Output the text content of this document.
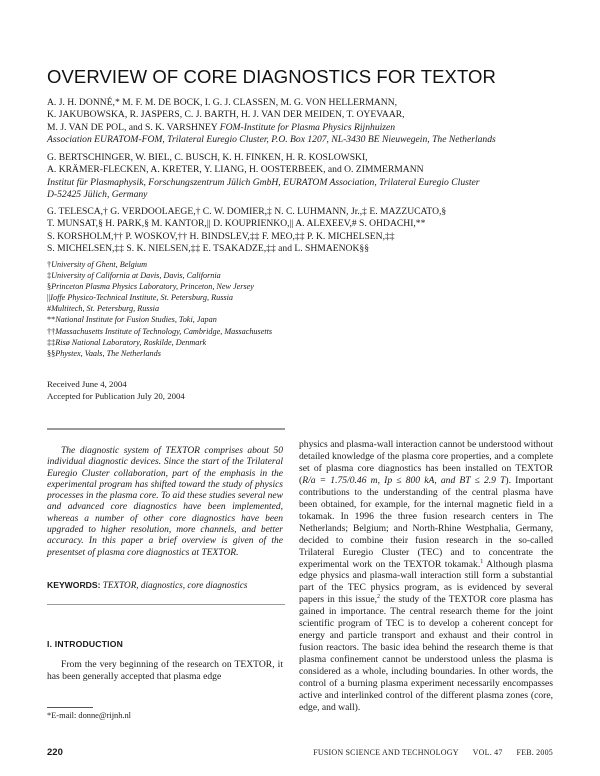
OVERVIEW OF CORE DIAGNOSTICS FOR TEXTOR
A. J. H. DONNÉ,* M. F. M. DE BOCK, I. G. J. CLASSEN, M. G. VON HELLERMANN,
K. JAKUBOWSKA, R. JASPERS, C. J. BARTH, H. J. VAN DER MEIDEN, T. OYEVAAR,
M. J. VAN DE POL, and S. K. VARSHNEY FOM-Institute for Plasma Physics Rijnhuizen
Association EURATOM-FOM, Trilateral Euregio Cluster, P.O. Box 1207, NL-3430 BE Nieuwegein, The Netherlands
G. BERTSCHINGER, W. BIEL, C. BUSCH, K. H. FINKEN, H. R. KOSLOWSKI,
A. KRÄMER-FLECKEN, A. KRETER, Y. LIANG, H. OOSTERBEEK, and O. ZIMMERMANN
Institut für Plasmaphysik, Forschungszentrum Jülich GmbH, EURATOM Association, Trilateral Euregio Cluster
D-52425 Jülich, Germany
G. TELESCA,† G. VERDOOLAEGE,† C. W. DOMIER,‡ N. C. LUHMANN, Jr.,‡ E. MAZZUCATO,§
T. MUNSAT,§ H. PARK,§ M. KANTOR,|| D. KOUPRIENKO,|| A. ALEXEEV,# S. OHDACHI,**
S. KORSHOLM,†† P. WOSKOV,†† H. BINDSLEV,‡‡ F. MEO,‡‡ P. K. MICHELSEN,‡‡
S. MICHELSEN,‡‡ S. K. NIELSEN,‡‡ E. TSAKADZE,‡‡ and L. SHMAENOK§§
†University of Ghent, Belgium
‡University of California at Davis, Davis, California
§Princeton Plasma Physics Laboratory, Princeton, New Jersey
||Ioffe Physico-Technical Institute, St. Petersburg, Russia
#Multitech, St. Petersburg, Russia
**National Institute for Fusion Studies, Toki, Japan
††Massachusetts Institute of Technology, Cambridge, Massachusetts
‡‡Risø National Laboratory, Roskilde, Denmark
§§Phystex, Vaals, The Netherlands
Received June 4, 2004
Accepted for Publication July 20, 2004

The diagnostic system of TEXTOR comprises about 50 individual diagnostic devices. Since the start of the Trilateral Euregio Cluster collaboration, part of the emphasis in the experimental program has shifted toward the study of physics processes in the plasma core. To aid these studies several new and advanced core diagnostics have been implemented, whereas a number of other core diagnostics have been upgraded to higher resolution, more channels, and better accuracy. In this paper a brief overview is given of the presentset of plasma core diagnostics at TEXTOR.

KEYWORDS: TEXTOR, diagnostics, core diagnostics
I. INTRODUCTION

From the very beginning of the research on TEXTOR, it has been generally accepted that plasma edge

*E-mail: donne@rijnh.nl

physics and plasma-wall interaction cannot be understood without detailed knowledge of the plasma core properties, and a complete set of plasma core diagnostics has been installed on TEXTOR (R/a = 1.75/0.46 m, Ip ≤ 800 kA, and BT ≤ 2.9 T). Important contributions to the understanding of the central plasma have been obtained, for example, for the internal magnetic field in a tokamak. In 1996 the three fusion research centers in The Netherlands; Belgium; and North-Rhine Westphalia, Germany, decided to combine their fusion research in the so-called Trilateral Euregio Cluster (TEC) and to concentrate the experimental work on the TEXTOR tokamak.$^1$ Although plasma edge physics and plasma-wall interaction still form a substantial part of the TEC physics program, as is evidenced by several papers in this issue,$^2$ the study of the TEXTOR core plasma has gained in importance. The central research theme for the joint scientific program of TEC is to develop a coherent concept for energy and particle transport and exhaust and their control in fusion reactors. The basic idea behind the research theme is that plasma confinement cannot be understood unless the plasma is considered as a whole, including boundaries. In other words, the control of a burning plasma experiment necessarily encompasses active and interlinked control of the different plasma zones (core, edge, and wall).

220	FUSION SCIENCE AND TECHNOLOGY VOL. 47 FEB. 2005
